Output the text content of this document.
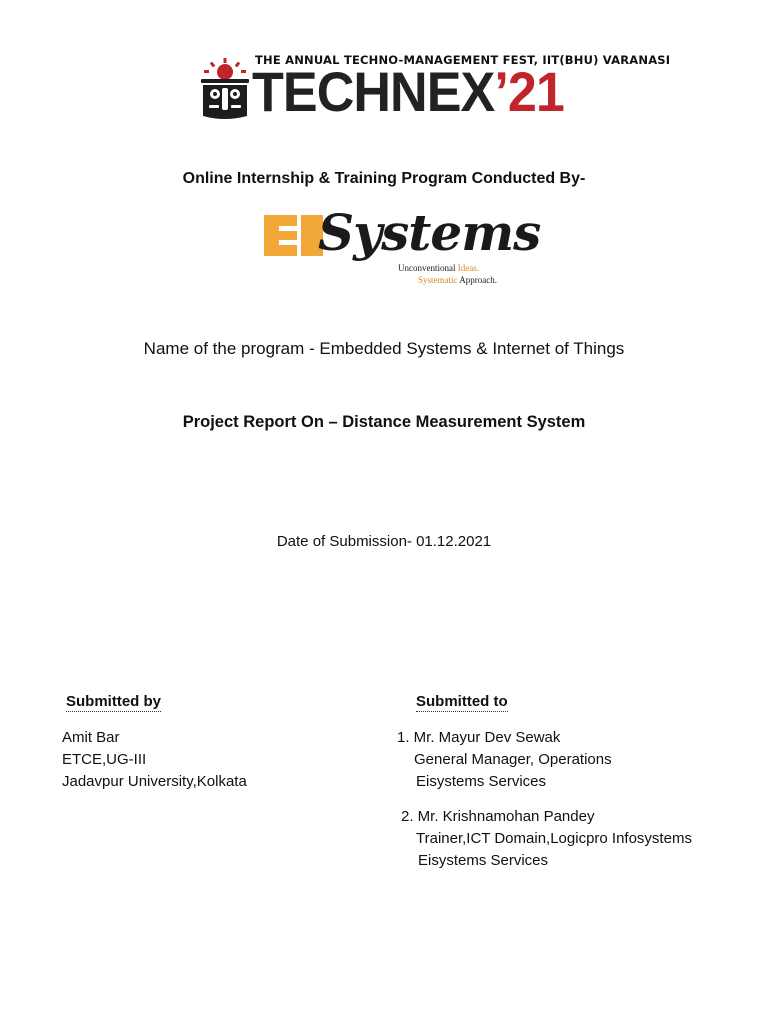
THE ANNUAL TECHNO-MANAGEMENT FEST, IIT(BHU) VARANASI
TECHNEX’21
Online Internship & Training Program Conducted By-
Systems
Unconventional Ideas.
Systematic Approach.
Name of the program - Embedded Systems & Internet of Things
Project Report On – Distance Measurement System
Date of Submission- 01.12.2021
Submitted by
Amit Bar
ETCE,UG-III
Jadavpur University,Kolkata
Submitted to
1. Mr. Mayur Dev Sewak
General Manager, Operations
Eisystems Services
2. Mr. Krishnamohan Pandey
Trainer,ICT Domain,Logicpro Infosystems
Eisystems Services
